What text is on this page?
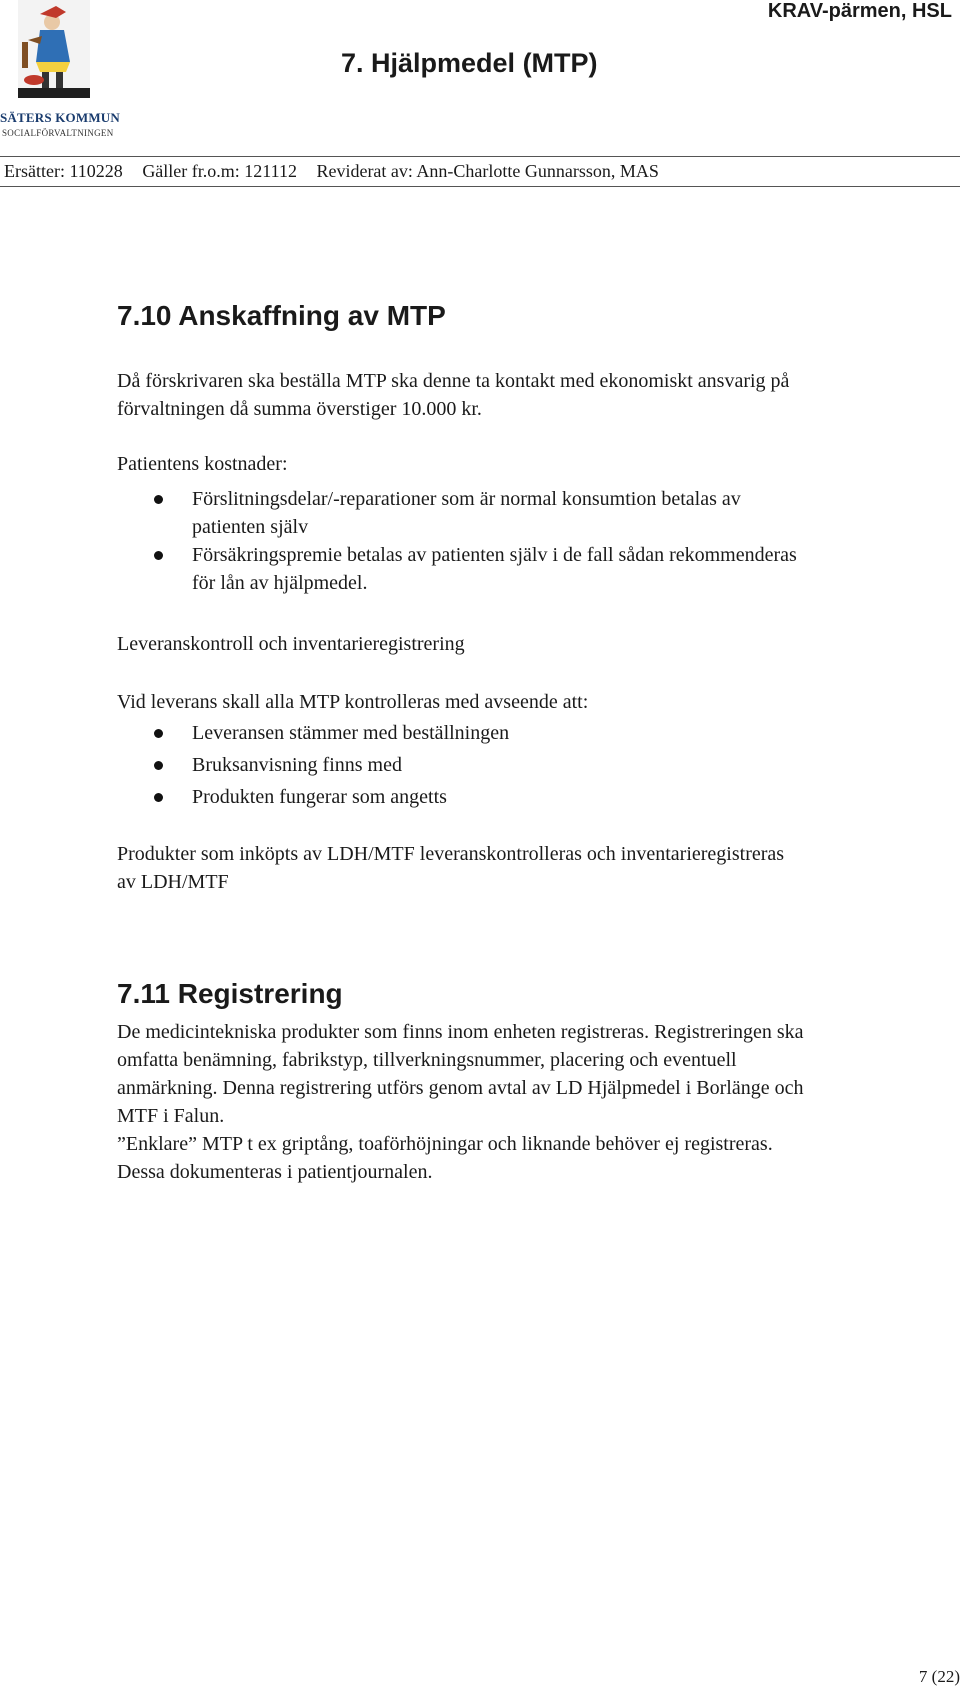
SÄTERS KOMMUN
SOCIALFÖRVALTNINGEN
KRAV-pärmen, HSL
7. Hjälpmedel (MTP)
Ersätter: 110228 Gäller fr.o.m: 121112 Reviderat av: Ann-Charlotte Gunnarsson, MAS
7.10 Anskaffning av MTP
Då förskrivaren ska beställa MTP ska denne ta kontakt med ekonomiskt ansvarig på
förvaltningen då summa överstiger 10.000 kr.
Patientens kostnader:
Förslitningsdelar/-reparationer som är normal konsumtion betalas av
patienten själv
Försäkringspremie betalas av patienten själv i de fall sådan rekommenderas
för lån av hjälpmedel.
Leveranskontroll och inventarieregistrering
Vid leverans skall alla MTP kontrolleras med avseende att:
Leveransen stämmer med beställningen
Bruksanvisning finns med
Produkten fungerar som angetts
Produkter som inköpts av LDH/MTF leveranskontrolleras och inventarieregistreras
av LDH/MTF
7.11 Registrering
De medicintekniska produkter som finns inom enheten registreras. Registreringen ska
omfatta benämning, fabrikstyp, tillverkningsnummer, placering och eventuell
anmärkning. Denna registrering utförs genom avtal av LD Hjälpmedel i Borlänge och
MTF i Falun.
”Enklare” MTP t ex griptång, toaförhöjningar och liknande behöver ej registreras.
Dessa dokumenteras i patientjournalen.
7 (22)
